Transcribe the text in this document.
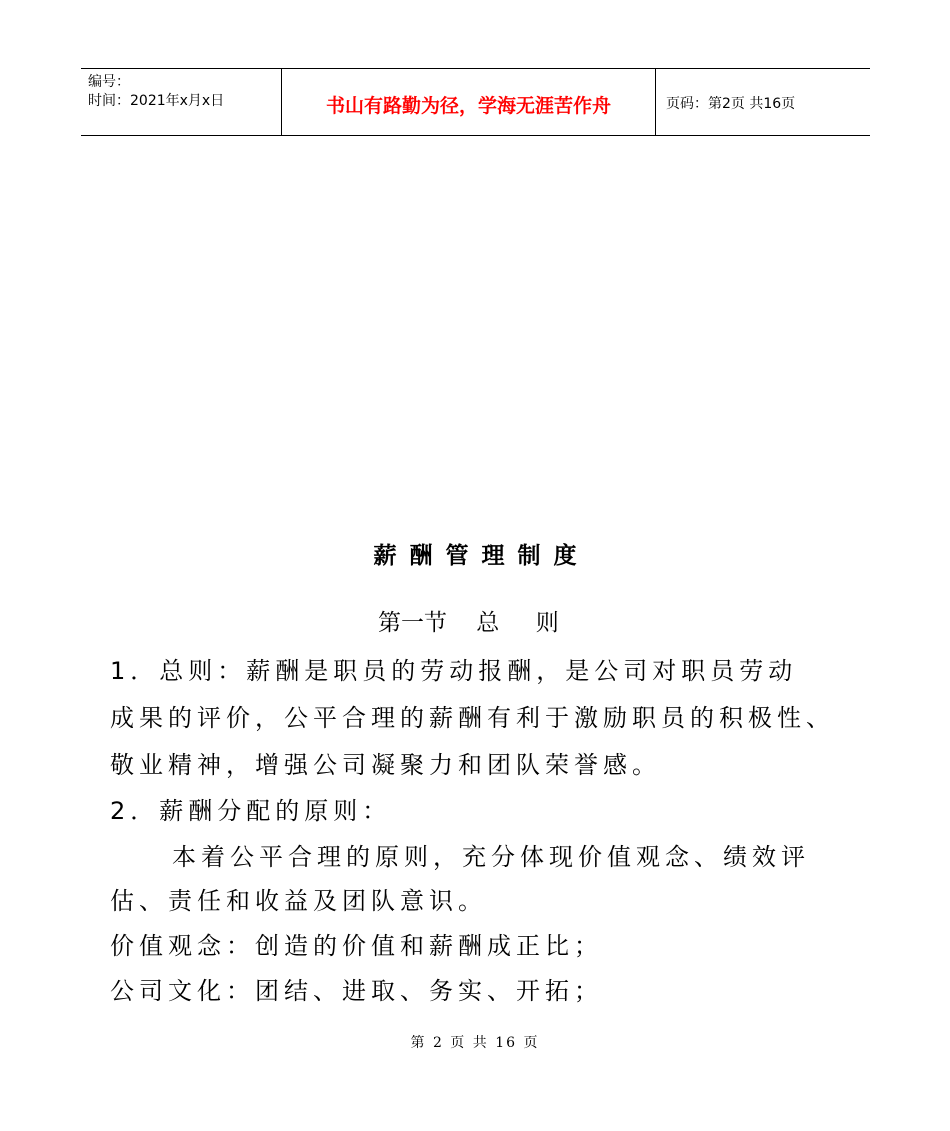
编号：
时间：2021年x月x日	书山有路勤为径，学海无涯苦作舟	页码：第2页 共16页
薪酬管理制度
第一节    总     则
1．总则：薪酬是职员的劳动报酬，是公司对职员劳动
成果的评价，公平合理的薪酬有利于激励职员的积极性、
敬业精神，增强公司凝聚力和团队荣誉感。
2．薪酬分配的原则：
本着公平合理的原则，充分体现价值观念、绩效评
估、责任和收益及团队意识。
价值观念：创造的价值和薪酬成正比；
公司文化：团结、进取、务实、开拓；
第 2 页 共 16 页
